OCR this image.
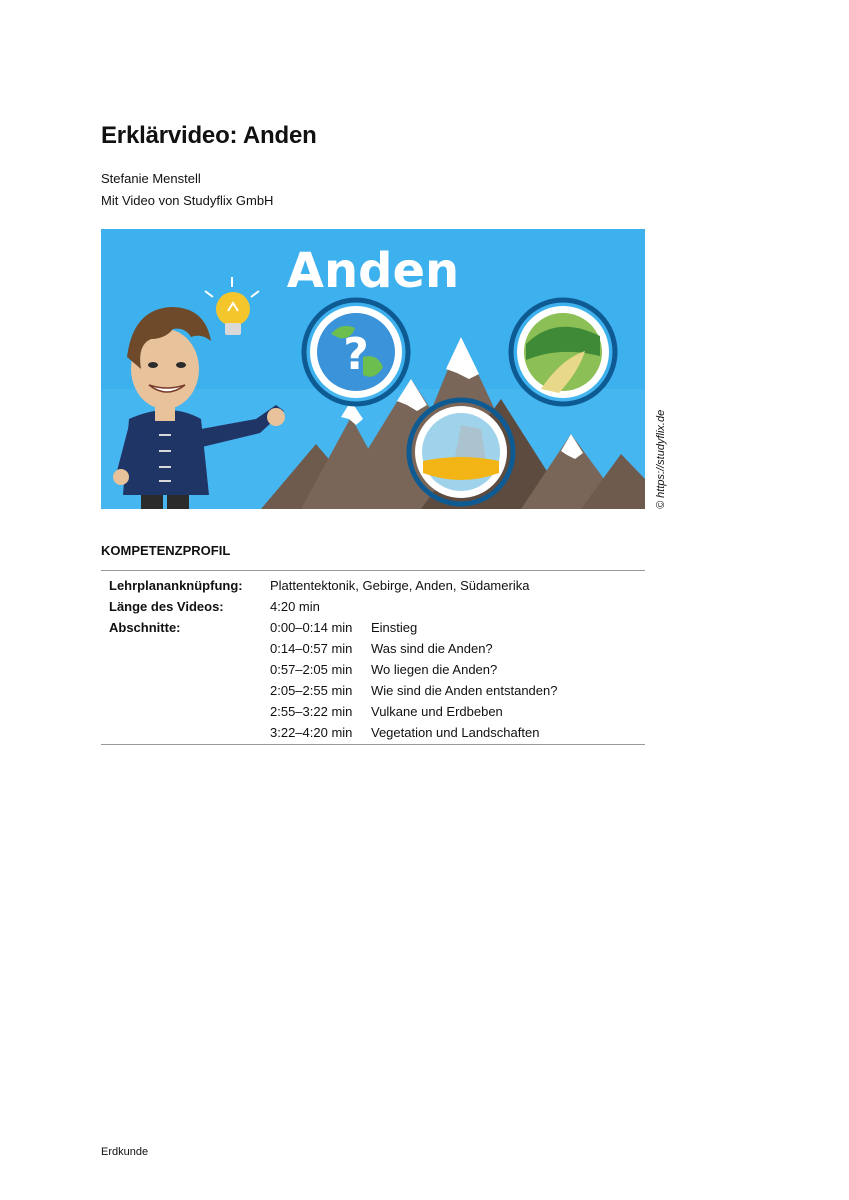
Erklärvideo: Anden
Stefanie Menstell
Mit Video von Studyflix GmbH
Anden
?
© https://studyflix.de
KOMPETENZPROFIL
Lehrplananknüpfung:	Plattentektonik, Gebirge, Anden, Südamerika
Länge des Videos:	4:20 min
Abschnitte:	0:00–0:14 min	Einstieg
0:14–0:57 min	Was sind die Anden?
0:57–2:05 min	Wo liegen die Anden?
2:05–2:55 min	Wie sind die Anden entstanden?
2:55–3:22 min	Vulkane und Erdbeben
3:22–4:20 min	Vegetation und Landschaften
Erdkunde
